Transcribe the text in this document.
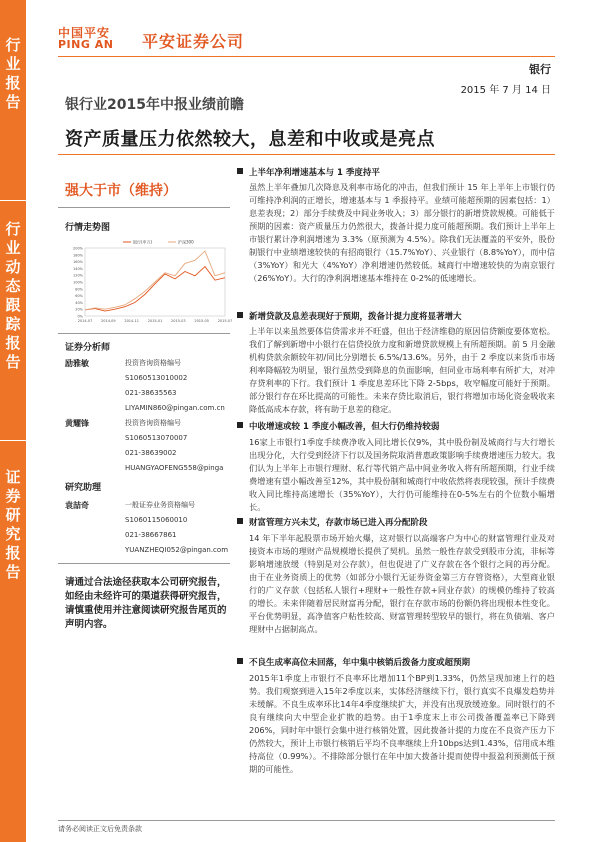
行
业
报
告
行
业
动
态
跟
踪
报
告
证
券
研
究
报
告
中国平安
PING AN 平安证券公司
银行
2015 年 7 月 14 日
银行业2015年中报业绩前瞻
资产质量压力依然较大，息差和中收或是亮点
强大于市（维持）
行情走势图
200%
180%
160%
140%
120%
100%
80%
60%
40%
20%
0%
2014-07 2014-09 2014-11 2015-01 2015-03 2015-05 2015-07
银行(申万)	沪深300
证券分析师
励雅敏	投资咨询资格编号
S1060513010002
021-38635563
LIYAMIN860@pingan.com.cn
黄耀锋	投资咨询资格编号
S1060513070007
021-38639002
HUANGYAOFENG558@pinga
研究助理
袁喆奇	一般证券业务资格编号
S1060115060010
021-38667861
YUANZHEQI052@pingan.com
请通过合法途径获取本公司研究报告，如经由未经许可的渠道获得研究报告，请慎重使用并注意阅读研究报告尾页的声明内容。
上半年净利增速基本与 1 季度持平
虽然上半年叠加几次降息及利率市场化的冲击，但我们预计 15 年上半年上市银行仍可维持净利润的正增长，增速基本与 1 季报持平。业绩可能超预期的因素包括：1）息差表现；2）部分手续费及中间业务收入；3）部分银行的新增贷款规模。可能低于预期的因素：资产质量压力仍然很大，拨备计提力度可能超预期。我们预计上半年上市银行累计净利润增速为 3.3%（原预测为 4.5%）。除我们无法覆盖的平安外，股份制银行中业绩增速较快的有招商银行（15.7%YoY）、兴业银行（8.8%YoY），而中信（3%YoY）和光大（4%YoY）净利增速仍然较低。城商行中增速较快的为南京银行（26%YoY）。大行的净利润增速基本维持在 0-2%的低速增长。
新增贷款及息差表现好于预期，拨备计提力度将显著增大
上半年以来虽然要体信贷需求并不旺盛，但出于经济维稳的原因信贷额度要体宽松。我们了解到新增中小银行在信贷投放力度和新增贷款规模上有所超预期。前 5 月金融机构贷款余额较年初/同比分别增长 6.5%/13.6%。另外，由于 2 季度以来货币市场利率降幅较为明显，银行虽然受到降息的负面影响，但同业市场利率有所扩大，对冲存贷利率的下行。我们预计 1 季度息差环比下降 2-5bps，收窄幅度可能好于预期。部分银行存在环比提高的可能性。未来存贷比取消后，银行将增加市场化资金吸收来降低高成本存款，将有助于息差的稳定。
中收增速或较 1 季度小幅改善，但大行仍维持较弱
16家上市银行1季度手续费净收入同比增长仅9%，其中股份制及城商行与大行增长出现分化，大行受到经济下行以及国务院取消普惠政策影响手续费增速压力较大。我们认为上半年上市银行理财、私行等代销产品中间业务收入将有所超预期，行业手续费增速有望小幅改善至12%，其中股份制和城商行中收依然将表现较强，预计手续费收入同比维持高速增长（35%YoY），大行仍可能维持在0-5%左右的个位数小幅增长。
财富管理方兴未艾，存款市场已进入再分配阶段
14 年下半年起股票市场开始火爆，这对银行以高端客户为中心的财富管理行业及对接资本市场的理财产品规模增长提供了契机。虽然一般性存款受到股市分流，非标等影响增速放缓（特别是对公存款），但也促进了广义存款在各个银行之间的再分配。由于在业务资质上的优势（如部分小银行无证券资金第三方存管资格），大型商业银行的广义存款（包括私人银行+理财+一般性存款+同业存款）的规模仍维持了较高的增长。未来伴随着居民财富再分配，银行在存款市场的份额仍将出现根本性变化。平台优势明显，高净值客户粘性较高、财富管理转型较早的银行，将在负债端、客户理财中占据制高点。
不良生成率高位未回落，年中集中核销后拨备力度或超预期
2015年1季度上市银行不良率环比增加11个BP到1.33%，仍然呈现加速上行的趋势。我们观察到进入15年2季度以来，实体经济继续下行，银行真实不良爆发趋势并未缓解。不良生成率环比14年4季度继续扩大，并没有出现放缓迹象。同时银行的不良有继续向大中型企业扩散的趋势。由于1季度末上市公司拨备覆盖率已下降到206%，同时年中银行会集中进行核销处置，因此拨备计提的力度在不良资产压力下仍然较大，预计上市银行核销后平均不良率继续上升10bps达到1.43%，信用成本维持高位（0.99%）。不排除部分银行在年中加大拨备计提而使得中报盈利预测低于预期的可能性。
请务必阅读正文后免责条款
